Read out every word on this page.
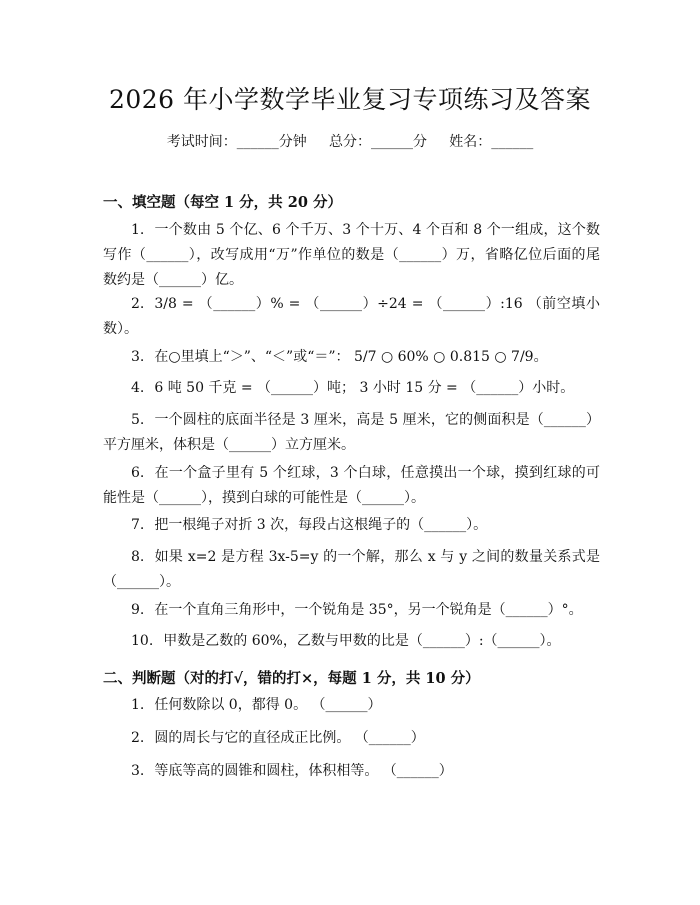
2026 年小学数学毕业复习专项练习及答案
考试时间：______分钟     总分：______分     姓名：______
一、填空题（每空 1 分，共 20 分）
1. 一个数由 5 个亿、6 个千万、3 个十万、4 个百和 8 个一组成，这个数写作（______），改写成用“万”作单位的数是（______）万，省略亿位后面的尾数约是（______）亿。
2. 3/8 = （______）% = （______）÷24 = （______）:16 （前空填小数）。
3. 在○里填上“＞”、“＜”或“＝”： 5/7 ○ 60% ○ 0.815 ○ 7/9。
4. 6 吨 50 千克 = （______）吨； 3 小时 15 分 = （______）小时。
5. 一个圆柱的底面半径是 3 厘米，高是 5 厘米，它的侧面积是（______）平方厘米，体积是（______）立方厘米。
6. 在一个盒子里有 5 个红球，3 个白球，任意摸出一个球，摸到红球的可能性是（______），摸到白球的可能性是（______）。
7. 把一根绳子对折 3 次，每段占这根绳子的（______）。
8. 如果 x=2 是方程 3x-5=y 的一个解，那么 x 与 y 之间的数量关系式是（______）。
9. 在一个直角三角形中，一个锐角是 35°，另一个锐角是（______）°。
10. 甲数是乙数的 60%，乙数与甲数的比是（______）:（______）。
二、判断题（对的打√，错的打×，每题 1 分，共 10 分）
1. 任何数除以 0，都得 0。 （______）
2. 圆的周长与它的直径成正比例。 （______）
3. 等底等高的圆锥和圆柱，体积相等。 （______）
